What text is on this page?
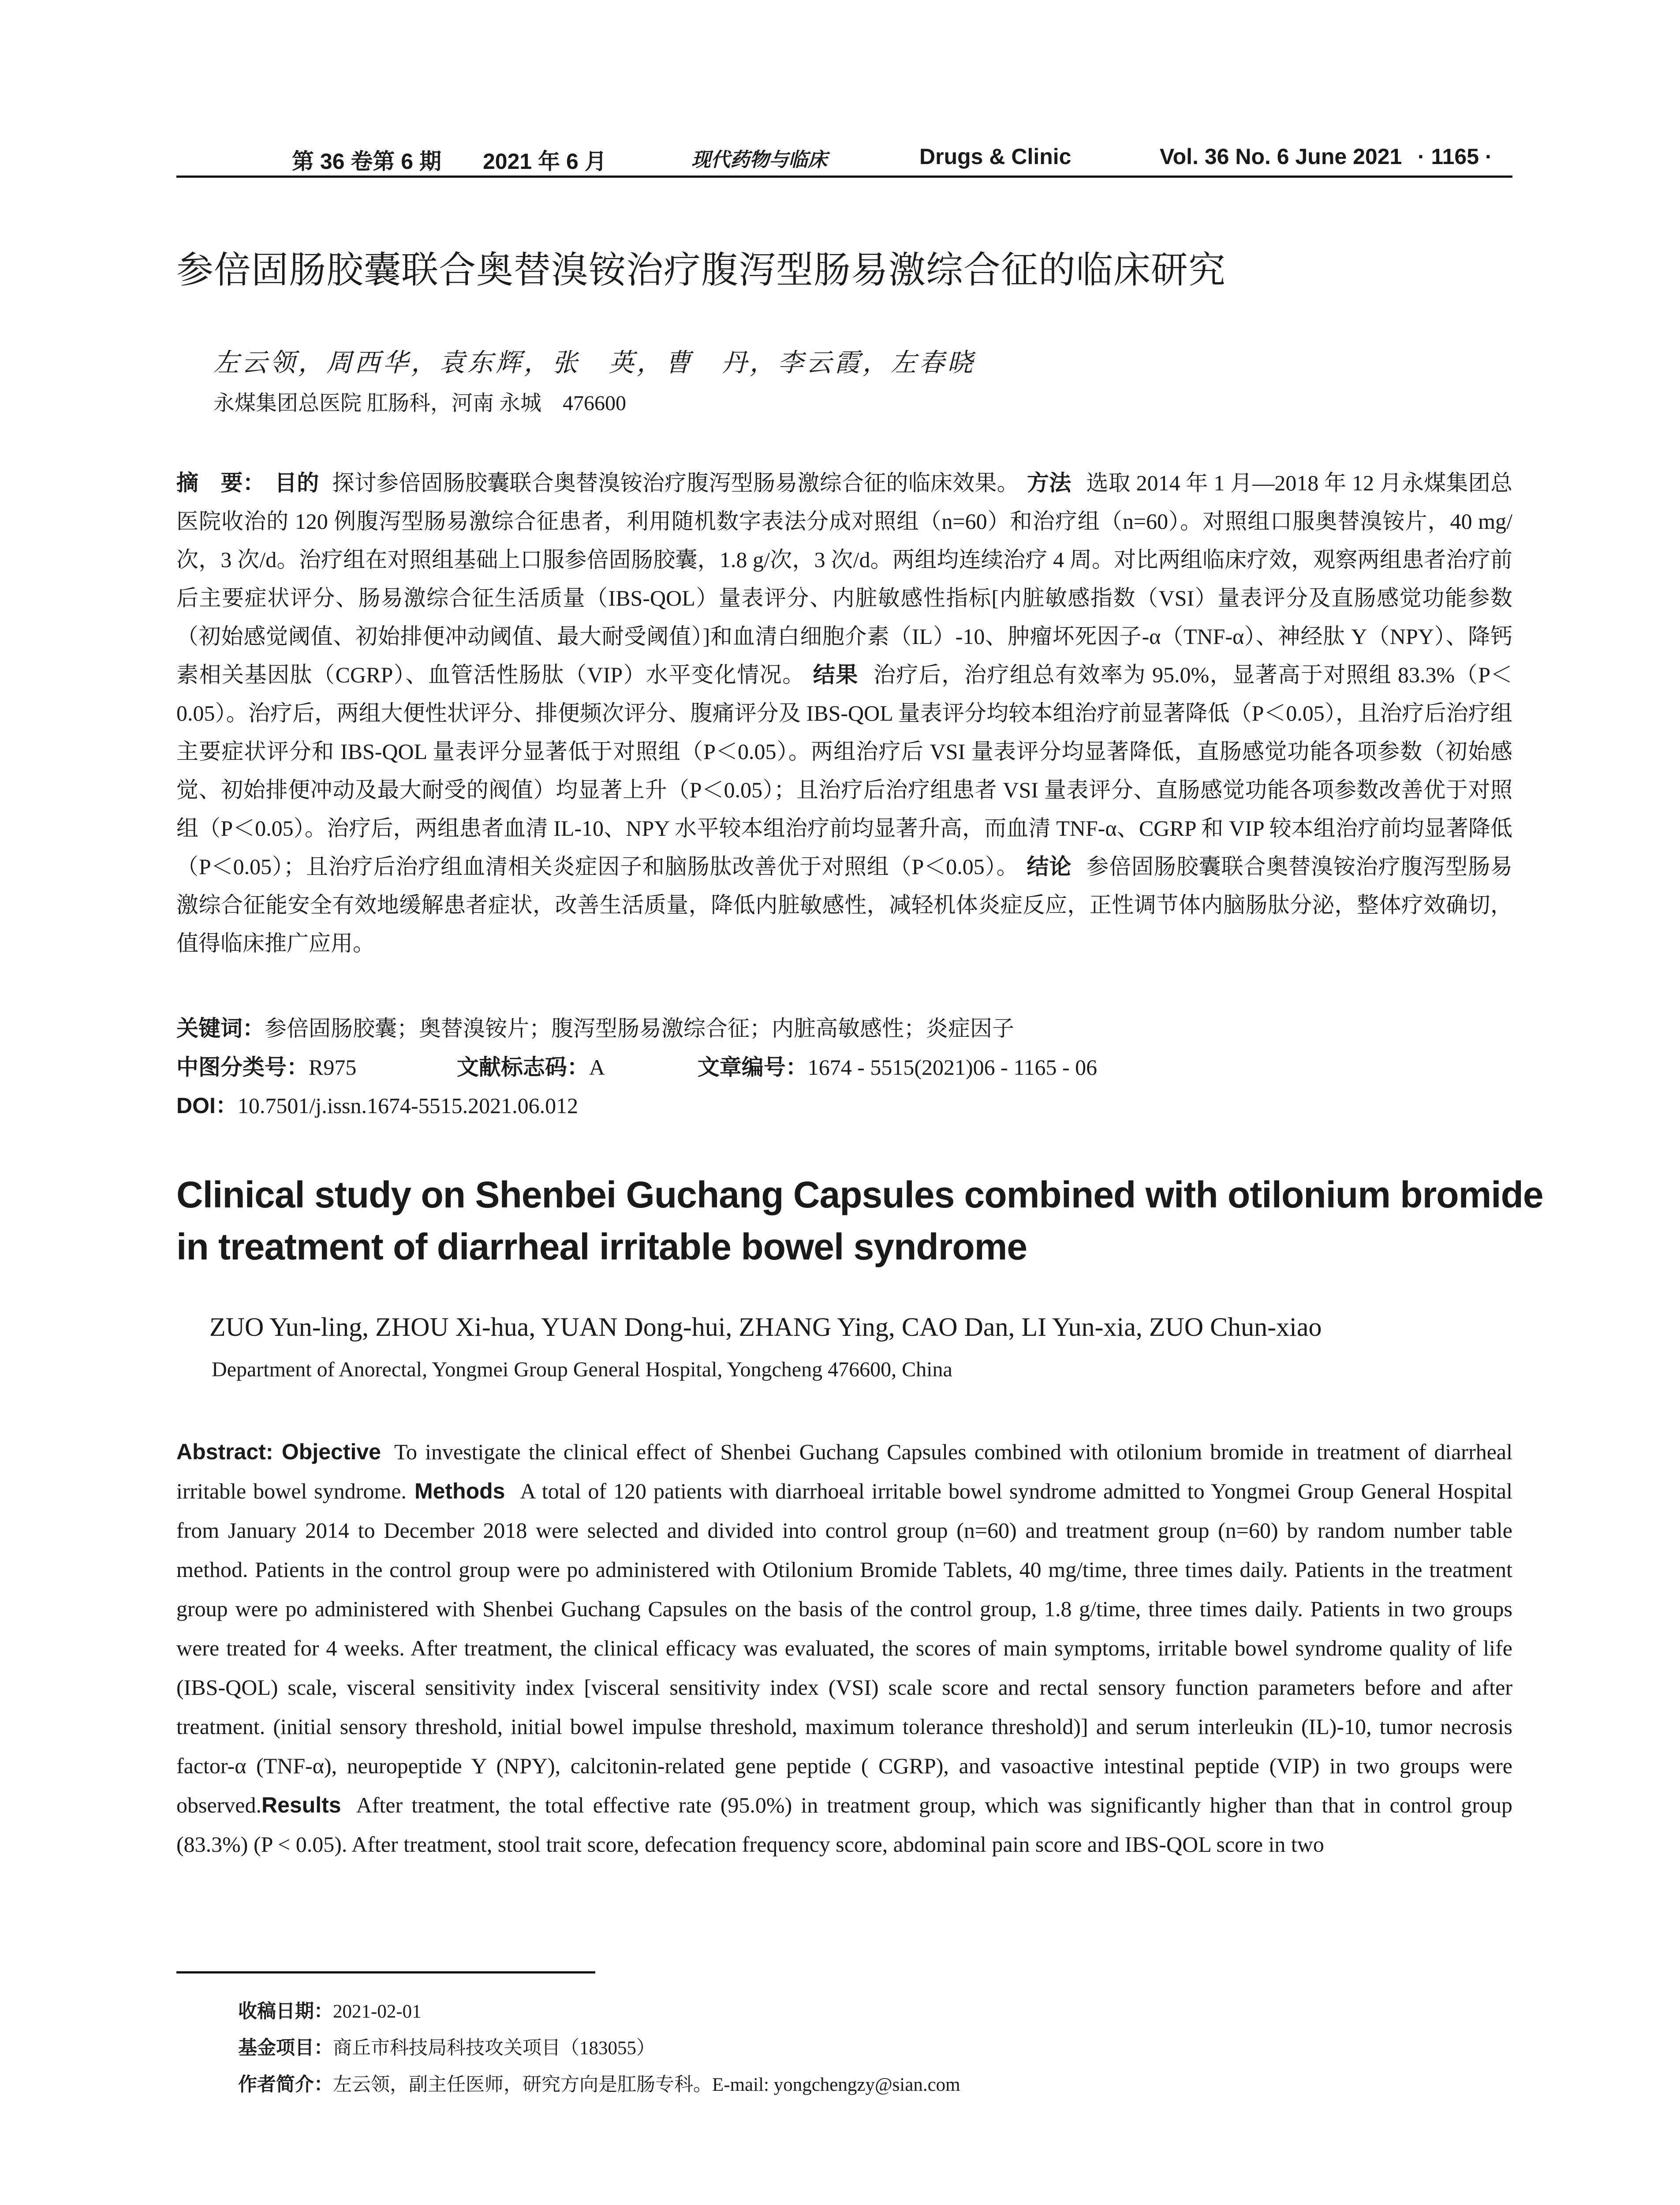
第 36 卷第 6 期 2021 年 6 月	现代药物与临床	Drugs & Clinic	Vol. 36 No. 6 June 2021 · 1165 ·
参倍固肠胶囊联合奥替溴铵治疗腹泻型肠易激综合征的临床研究
左云领，周西华，袁东辉，张　英，曹　丹，李云霞，左春晓
永煤集团总医院 肛肠科，河南 永城　476600
摘　要： 目的 探讨参倍固肠胶囊联合奥替溴铵治疗腹泻型肠易激综合征的临床效果。 方法 选取 2014 年 1 月—2018 年 12 月永煤集团总医院收治的 120 例腹泻型肠易激综合征患者，利用随机数字表法分成对照组（n=60）和治疗组（n=60）。对照组口服奥替溴铵片，40 mg/次，3 次/d。治疗组在对照组基础上口服参倍固肠胶囊，1.8 g/次，3 次/d。两组均连续治疗 4 周。对比两组临床疗效，观察两组患者治疗前后主要症状评分、肠易激综合征生活质量（IBS-QOL）量表评分、内脏敏感性指标[内脏敏感指数（VSI）量表评分及直肠感觉功能参数（初始感觉阈值、初始排便冲动阈值、最大耐受阈值）]和血清白细胞介素（IL）-10、肿瘤坏死因子-α（TNF-α）、神经肽 Y（NPY）、降钙素相关基因肽（CGRP）、血管活性肠肽（VIP）水平变化情况。 结果 治疗后，治疗组总有效率为 95.0%，显著高于对照组 83.3%（P＜0.05）。治疗后，两组大便性状评分、排便频次评分、腹痛评分及 IBS-QOL 量表评分均较本组治疗前显著降低（P＜0.05），且治疗后治疗组主要症状评分和 IBS-QOL 量表评分显著低于对照组（P＜0.05）。两组治疗后 VSI 量表评分均显著降低，直肠感觉功能各项参数（初始感觉、初始排便冲动及最大耐受的阀值）均显著上升（P＜0.05）；且治疗后治疗组患者 VSI 量表评分、直肠感觉功能各项参数改善优于对照组（P＜0.05）。治疗后，两组患者血清 IL-10、NPY 水平较本组治疗前均显著升高，而血清 TNF-α、CGRP 和 VIP 较本组治疗前均显著降低（P＜0.05）；且治疗后治疗组血清相关炎症因子和脑肠肽改善优于对照组（P＜0.05）。 结论 参倍固肠胶囊联合奥替溴铵治疗腹泻型肠易激综合征能安全有效地缓解患者症状，改善生活质量，降低内脏敏感性，减轻机体炎症反应，正性调节体内脑肠肽分泌，整体疗效确切，值得临床推广应用。
关键词：参倍固肠胶囊；奥替溴铵片；腹泻型肠易激综合征；内脏高敏感性；炎症因子
中图分类号：R975	文献标志码：A	文章编号：1674 - 5515(2021)06 - 1165 - 06
DOI：10.7501/j.issn.1674-5515.2021.06.012
Clinical study on Shenbei Guchang Capsules combined with otilonium bromide in treatment of diarrheal irritable bowel syndrome
ZUO Yun-ling, ZHOU Xi-hua, YUAN Dong-hui, ZHANG Ying, CAO Dan, LI Yun-xia, ZUO Chun-xiao
Department of Anorectal, Yongmei Group General Hospital, Yongcheng 476600, China
Abstract: Objective To investigate the clinical effect of Shenbei Guchang Capsules combined with otilonium bromide in treatment of diarrheal irritable bowel syndrome. Methods A total of 120 patients with diarrhoeal irritable bowel syndrome admitted to Yongmei Group General Hospital from January 2014 to December 2018 were selected and divided into control group (n=60) and treatment group (n=60) by random number table method. Patients in the control group were po administered with Otilonium Bromide Tablets, 40 mg/time, three times daily. Patients in the treatment group were po administered with Shenbei Guchang Capsules on the basis of the control group, 1.8 g/time, three times daily. Patients in two groups were treated for 4 weeks. After treatment, the clinical efficacy was evaluated, the scores of main symptoms, irritable bowel syndrome quality of life (IBS-QOL) scale, visceral sensitivity index [visceral sensitivity index (VSI) scale score and rectal sensory function parameters before and after treatment. (initial sensory threshold, initial bowel impulse threshold, maximum tolerance threshold)] and serum interleukin (IL)-10, tumor necrosis factor-α (TNF-α), neuropeptide Y (NPY), calcitonin-related gene peptide ( CGRP), and vasoactive intestinal peptide (VIP) in two groups were observed.Results After treatment, the total effective rate (95.0%) in treatment group, which was significantly higher than that in control group (83.3%) (P < 0.05). After treatment, stool trait score, defecation frequency score, abdominal pain score and IBS-QOL score in two
收稿日期：2021-02-01
基金项目：商丘市科技局科技攻关项目（183055）
作者简介：左云领，副主任医师，研究方向是肛肠专科。E-mail: yongchengzy@sian.com
